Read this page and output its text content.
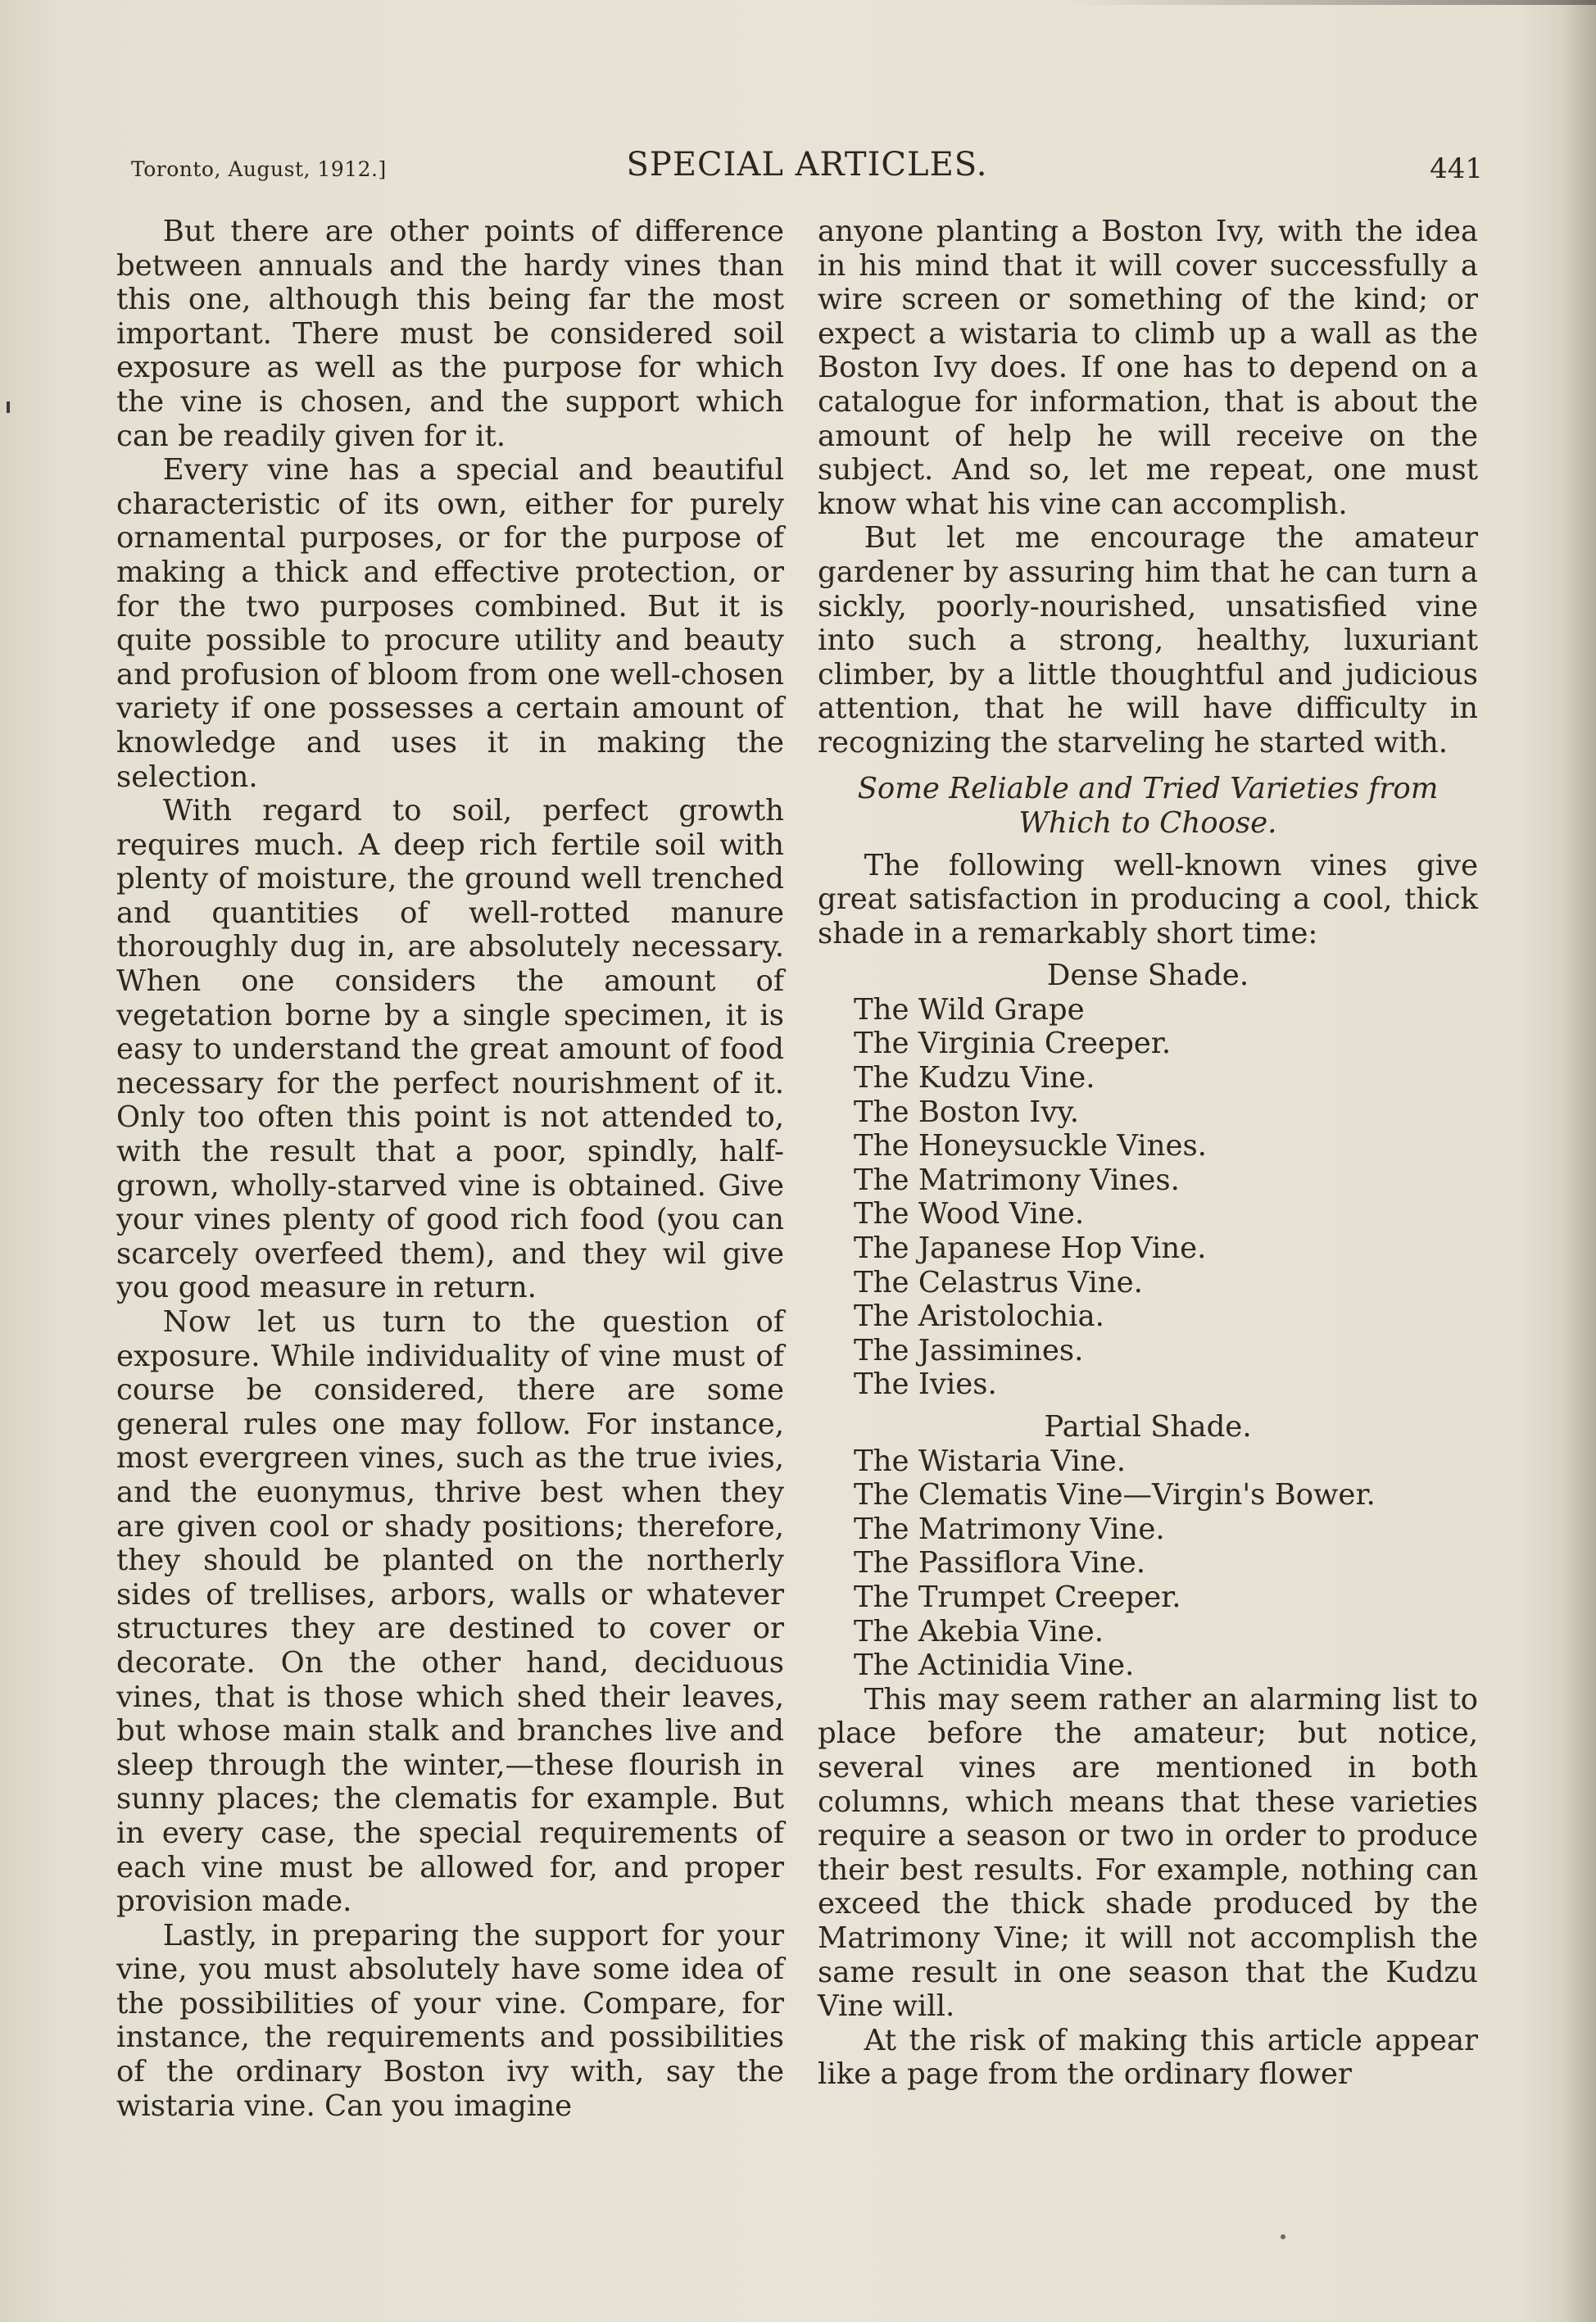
Toronto, August, 1912.]	SPECIAL ARTICLES.	441

But there are other points of difference between annuals and the hardy vines than this one, although this being far the most important. There must be considered soil exposure as well as the purpose for which the vine is chosen, and the support which can be readily given for it.

Every vine has a special and beautiful characteristic of its own, either for purely ornamental purposes, or for the purpose of making a thick and effective protection, or for the two purposes combined. But it is quite possible to procure utility and beauty and profusion of bloom from one well-chosen variety if one possesses a certain amount of knowledge and uses it in making the selection.

With regard to soil, perfect growth requires much. A deep rich fertile soil with plenty of moisture, the ground well trenched and quantities of well-rotted manure thoroughly dug in, are absolutely necessary. When one considers the amount of vegetation borne by a single specimen, it is easy to understand the great amount of food necessary for the perfect nourishment of it. Only too often this point is not attended to, with the result that a poor, spindly, half-grown, wholly-starved vine is obtained. Give your vines plenty of good rich food (you can scarcely overfeed them), and they wil give you good measure in return.

Now let us turn to the question of exposure. While individuality of vine must of course be considered, there are some general rules one may follow. For instance, most evergreen vines, such as the true ivies, and the euonymus, thrive best when they are given cool or shady positions; therefore, they should be planted on the northerly sides of trellises, arbors, walls or whatever structures they are destined to cover or decorate. On the other hand, deciduous vines, that is those which shed their leaves, but whose main stalk and branches live and sleep through the winter,—these flourish in sunny places; the clematis for example. But in every case, the special requirements of each vine must be allowed for, and proper provision made.

Lastly, in preparing the support for your vine, you must absolutely have some idea of the possibilities of your vine. Compare, for instance, the requirements and possibilities of the ordinary Boston ivy with, say the wistaria vine. Can you imagine

anyone planting a Boston Ivy, with the idea in his mind that it will cover successfully a wire screen or something of the kind; or expect a wistaria to climb up a wall as the Boston Ivy does. If one has to depend on a catalogue for information, that is about the amount of help he will receive on the subject. And so, let me repeat, one must know what his vine can accomplish.

But let me encourage the amateur gardener by assuring him that he can turn a sickly, poorly-nourished, unsatisfied vine into such a strong, healthy, luxuriant climber, by a little thoughtful and judicious attention, that he will have difficulty in recognizing the starveling he started with.

Some Reliable and Tried Varieties from
Which to Choose.

The following well-known vines give great satisfaction in producing a cool, thick shade in a remarkably short time:

Dense Shade.
The Wild Grape
The Virginia Creeper.
The Kudzu Vine.
The Boston Ivy.
The Honeysuckle Vines.
The Matrimony Vines.
The Wood Vine.
The Japanese Hop Vine.
The Celastrus Vine.
The Aristolochia.
The Jassimines.
The Ivies.
Partial Shade.
The Wistaria Vine.
The Clematis Vine—Virgin's Bower.
The Matrimony Vine.
The Passiflora Vine.
The Trumpet Creeper.
The Akebia Vine.
The Actinidia Vine.

This may seem rather an alarming list to place before the amateur; but notice, several vines are mentioned in both columns, which means that these varieties require a season or two in order to produce their best results. For example, nothing can exceed the thick shade produced by the Matrimony Vine; it will not accomplish the same result in one season that the Kudzu Vine will.

At the risk of making this article appear like a page from the ordinary flower
